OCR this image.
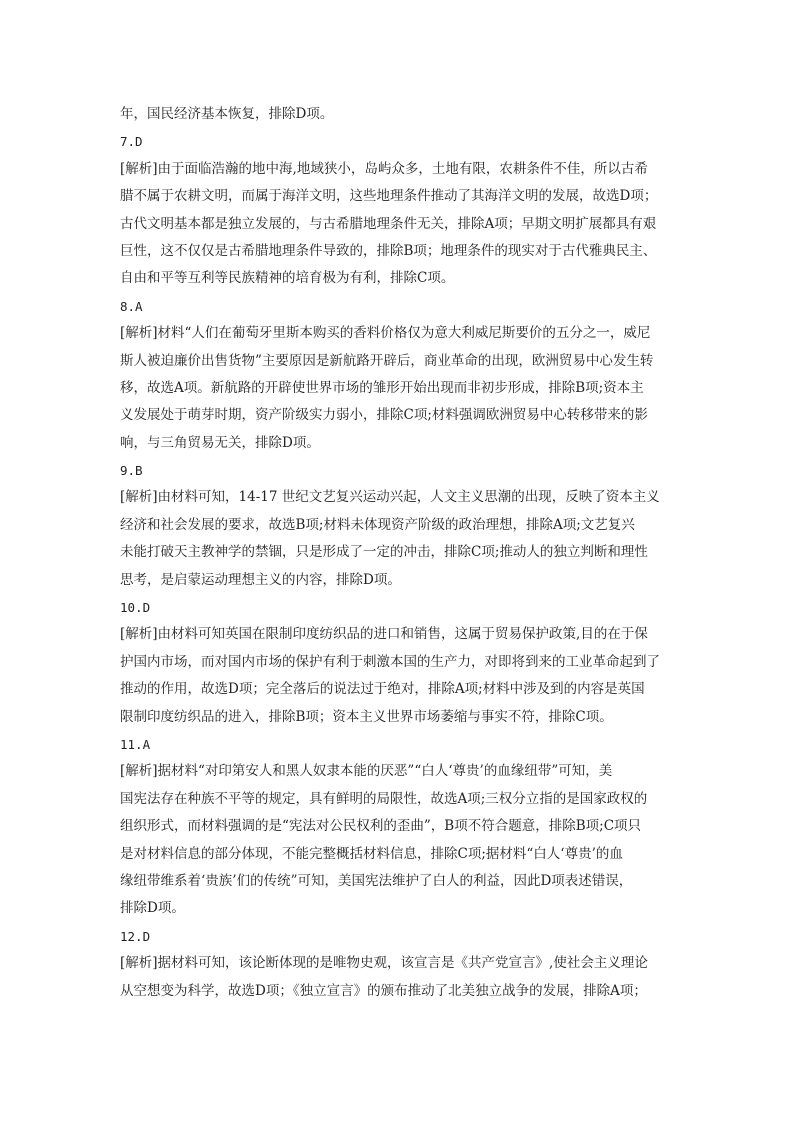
年，国民经济基本恢复，排除D项。
7.D
[解析]由于面临浩瀚的地中海,地域狭小，岛屿众多，土地有限，农耕条件不佳，所以古希
腊不属于农耕文明，而属于海洋文明，这些地理条件推动了其海洋文明的发展，故选D项；
古代文明基本都是独立发展的，与古希腊地理条件无关，排除A项；早期文明扩展都具有艰
巨性，这不仅仅是古希腊地理条件导致的，排除B项；地理条件的现实对于古代雅典民主、
自由和平等互利等民族精神的培育极为有利，排除C项。
8.A
[解析]材料“人们在葡萄牙里斯本购买的香料价格仅为意大利威尼斯要价的五分之一，威尼
斯人被迫廉价出售货物”主要原因是新航路开辟后，商业革命的出现，欧洲贸易中心发生转
移，故选A项。新航路的开辟使世界市场的雏形开始出现而非初步形成，排除B项;资本主
义发展处于萌芽时期，资产阶级实力弱小，排除C项;材料强调欧洲贸易中心转移带来的影
响，与三角贸易无关，排除D项。
9.B
[解析]由材料可知，14-17 世纪文艺复兴运动兴起，人文主义思潮的出现，反映了资本主义
经济和社会发展的要求，故选B项;材料未体现资产阶级的政治理想，排除A项;文艺复兴
未能打破天主教神学的禁锢，只是形成了一定的冲击，排除C项;推动人的独立判断和理性
思考，是启蒙运动理想主义的内容，排除D项。
10.D
[解析]由材料可知英国在限制印度纺织品的进口和销售，这属于贸易保护政策,目的在于保
护国内市场，而对国内市场的保护有利于刺激本国的生产力，对即将到来的工业革命起到了
推动的作用，故选D项；完全落后的说法过于绝对，排除A项;材料中涉及到的内容是英国
限制印度纺织品的进入，排除B项；资本主义世界市场萎缩与事实不符，排除C项。
11.A
[解析]据材料“对印第安人和黑人奴隶本能的厌恶”“白人‘尊贵’的血缘纽带”可知，美
国宪法存在种族不平等的规定，具有鲜明的局限性，故选A项;三权分立指的是国家政权的
组织形式，而材料强调的是“宪法对公民权利的歪曲”，B项不符合题意，排除B项;C项只
是对材料信息的部分体现，不能完整概括材料信息，排除C项;据材料“白人‘尊贵’的血
缘纽带维系着‘贵族’们的传统”可知，美国宪法维护了白人的利益，因此D项表述错误，
排除D项。
12.D
[解析]据材料可知，该论断体现的是唯物史观，该宣言是《共产党宣言》,使社会主义理论
从空想变为科学，故选D项；《独立宣言》的颁布推动了北美独立战争的发展，排除A项；
